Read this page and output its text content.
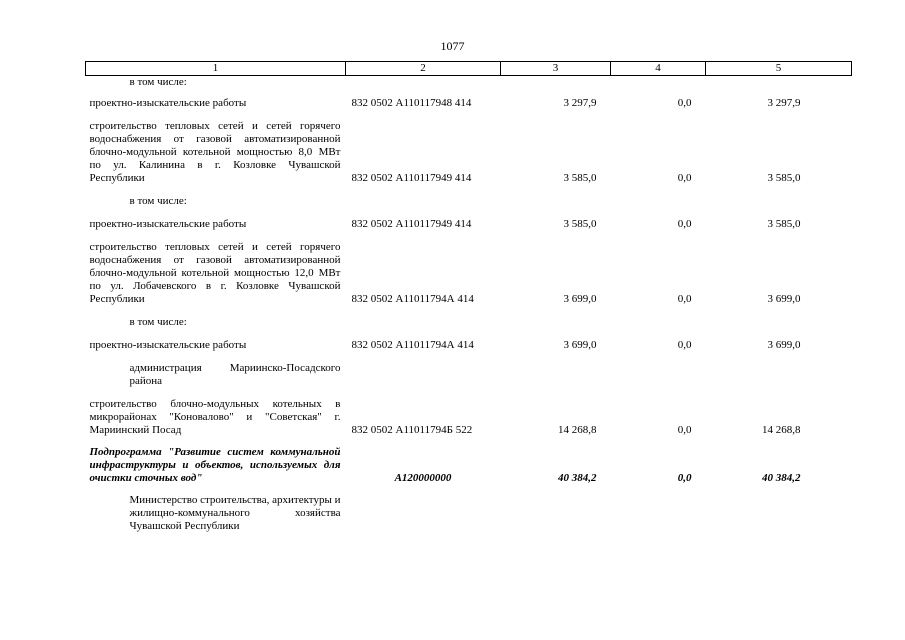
1077
1	2	3	4	5
в том числе:				
проектно-изыскательские работы	832 0502 А110117948 414	3 297,9	0,0	3 297,9
строительство тепловых сетей и сетей горячего водоснабжения от газовой автоматизированной блочно-модульной котельной мощностью 8,0 МВт по ул. Калинина в г. Козловке Чувашской Республики	832 0502 А110117949 414	3 585,0	0,0	3 585,0
в том числе:				
проектно-изыскательские работы	832 0502 А110117949 414	3 585,0	0,0	3 585,0
строительство тепловых сетей и сетей горячего водоснабжения от газовой автоматизированной блочно-модульной котельной мощностью 12,0 МВт по ул. Лобачевского в г. Козловке Чувашской Республики	832 0502 А11011794А 414	3 699,0	0,0	3 699,0
в том числе:				
проектно-изыскательские работы	832 0502 А11011794А 414	3 699,0	0,0	3 699,0
администрация Мариинско-Посадского района				
строительство блочно-модульных котельных в микрорайонах "Коновалово" и "Советская" г. Мариинский Посад	832 0502 А11011794Б 522	14 268,8	0,0	14 268,8
Подпрограмма "Развитие систем коммунальной инфраструктуры и объектов, используемых для очистки сточных вод"	А120000000	40 384,2	0,0	40 384,2
Министерство строительства, архитектуры и жилищно-коммунального хозяйства Чувашской Республики				
